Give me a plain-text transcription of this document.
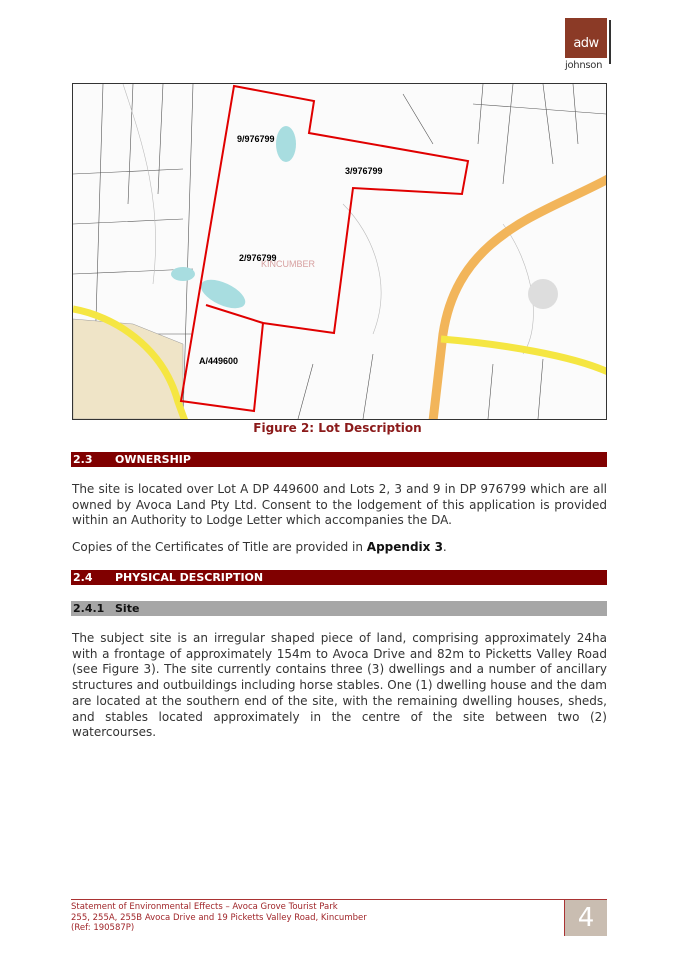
adw
johnson
9/976799
3/976799
2/976799
KINCUMBER
A/449600
Figure 2: Lot Description
2.3 OWNERSHIP

The site is located over Lot A DP 449600 and Lots 2, 3 and 9 in DP 976799 which are all owned by Avoca Land Pty Ltd. Consent to the lodgement of this application is provided within an Authority to Lodge Letter which accompanies the DA.

Copies of the Certificates of Title are provided in Appendix 3.

2.4 PHYSICAL DESCRIPTION
2.4.1 Site

The subject site is an irregular shaped piece of land, comprising approximately 24ha with a frontage of approximately 154m to Avoca Drive and 82m to Picketts Valley Road (see Figure 3). The site currently contains three (3) dwellings and a number of ancillary structures and outbuildings including horse stables. One (1) dwelling house and the dam are located at the southern end of the site, with the remaining dwelling houses, sheds, and stables located approximately in the centre of the site between two (2) watercourses.

Statement of Environmental Effects – Avoca Grove Tourist Park
255, 255A, 255B Avoca Drive and 19 Picketts Valley Road, Kincumber
(Ref: 190587P)	4
